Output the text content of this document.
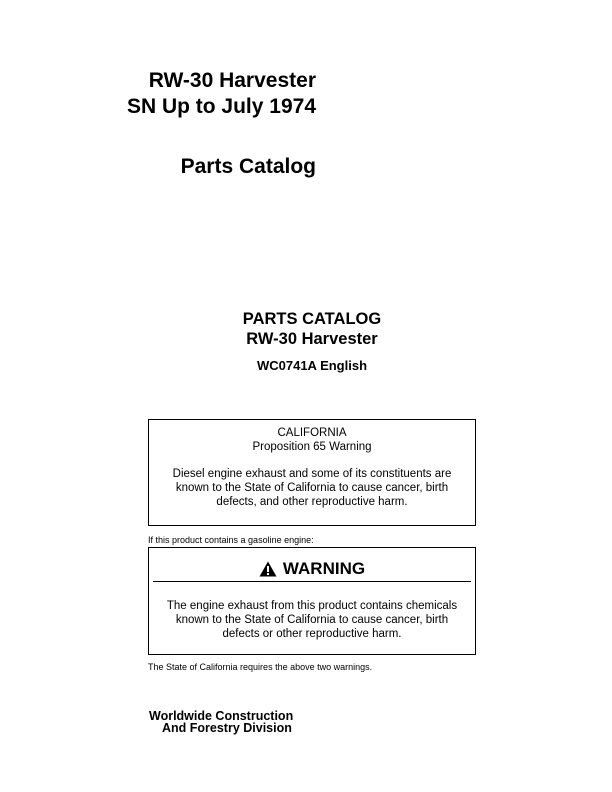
RW-30 Harvester
SN Up to July 1974
Parts Catalog
PARTS CATALOG
RW-30 Harvester
WC0741A English
CALIFORNIA
Proposition 65 Warning
Diesel engine exhaust and some of its constituents are
known to the State of California to cause cancer, birth
defects, and other reproductive harm.
If this product contains a gasoline engine:
WARNING
The engine exhaust from this product contains chemicals
known to the State of California to cause cancer, birth
defects or other reproductive harm.
The State of California requires the above two warnings.
Worldwide Construction
And Forestry Division
